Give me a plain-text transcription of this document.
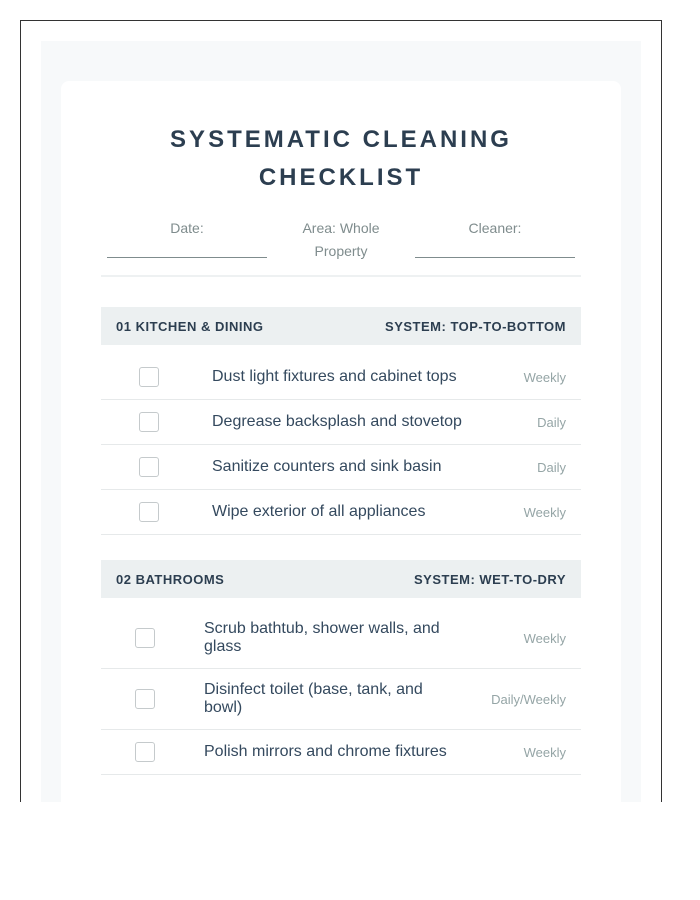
SYSTEMATIC CLEANING CHECKLIST
Date:	Area: Whole Property
Cleaner:
01 KITCHEN & DINING	SYSTEM: TOP-TO-BOTTOM
Dust light fixtures and cabinet tops	Weekly
Degrease backsplash and stovetop	Daily
Sanitize counters and sink basin	Daily
Wipe exterior of all appliances	Weekly
02 BATHROOMS	SYSTEM: WET-TO-DRY
Scrub bathtub, shower walls, and glass	Weekly
Disinfect toilet (base, tank, and bowl)	Daily/Weekly
Polish mirrors and chrome fixtures	Weekly
